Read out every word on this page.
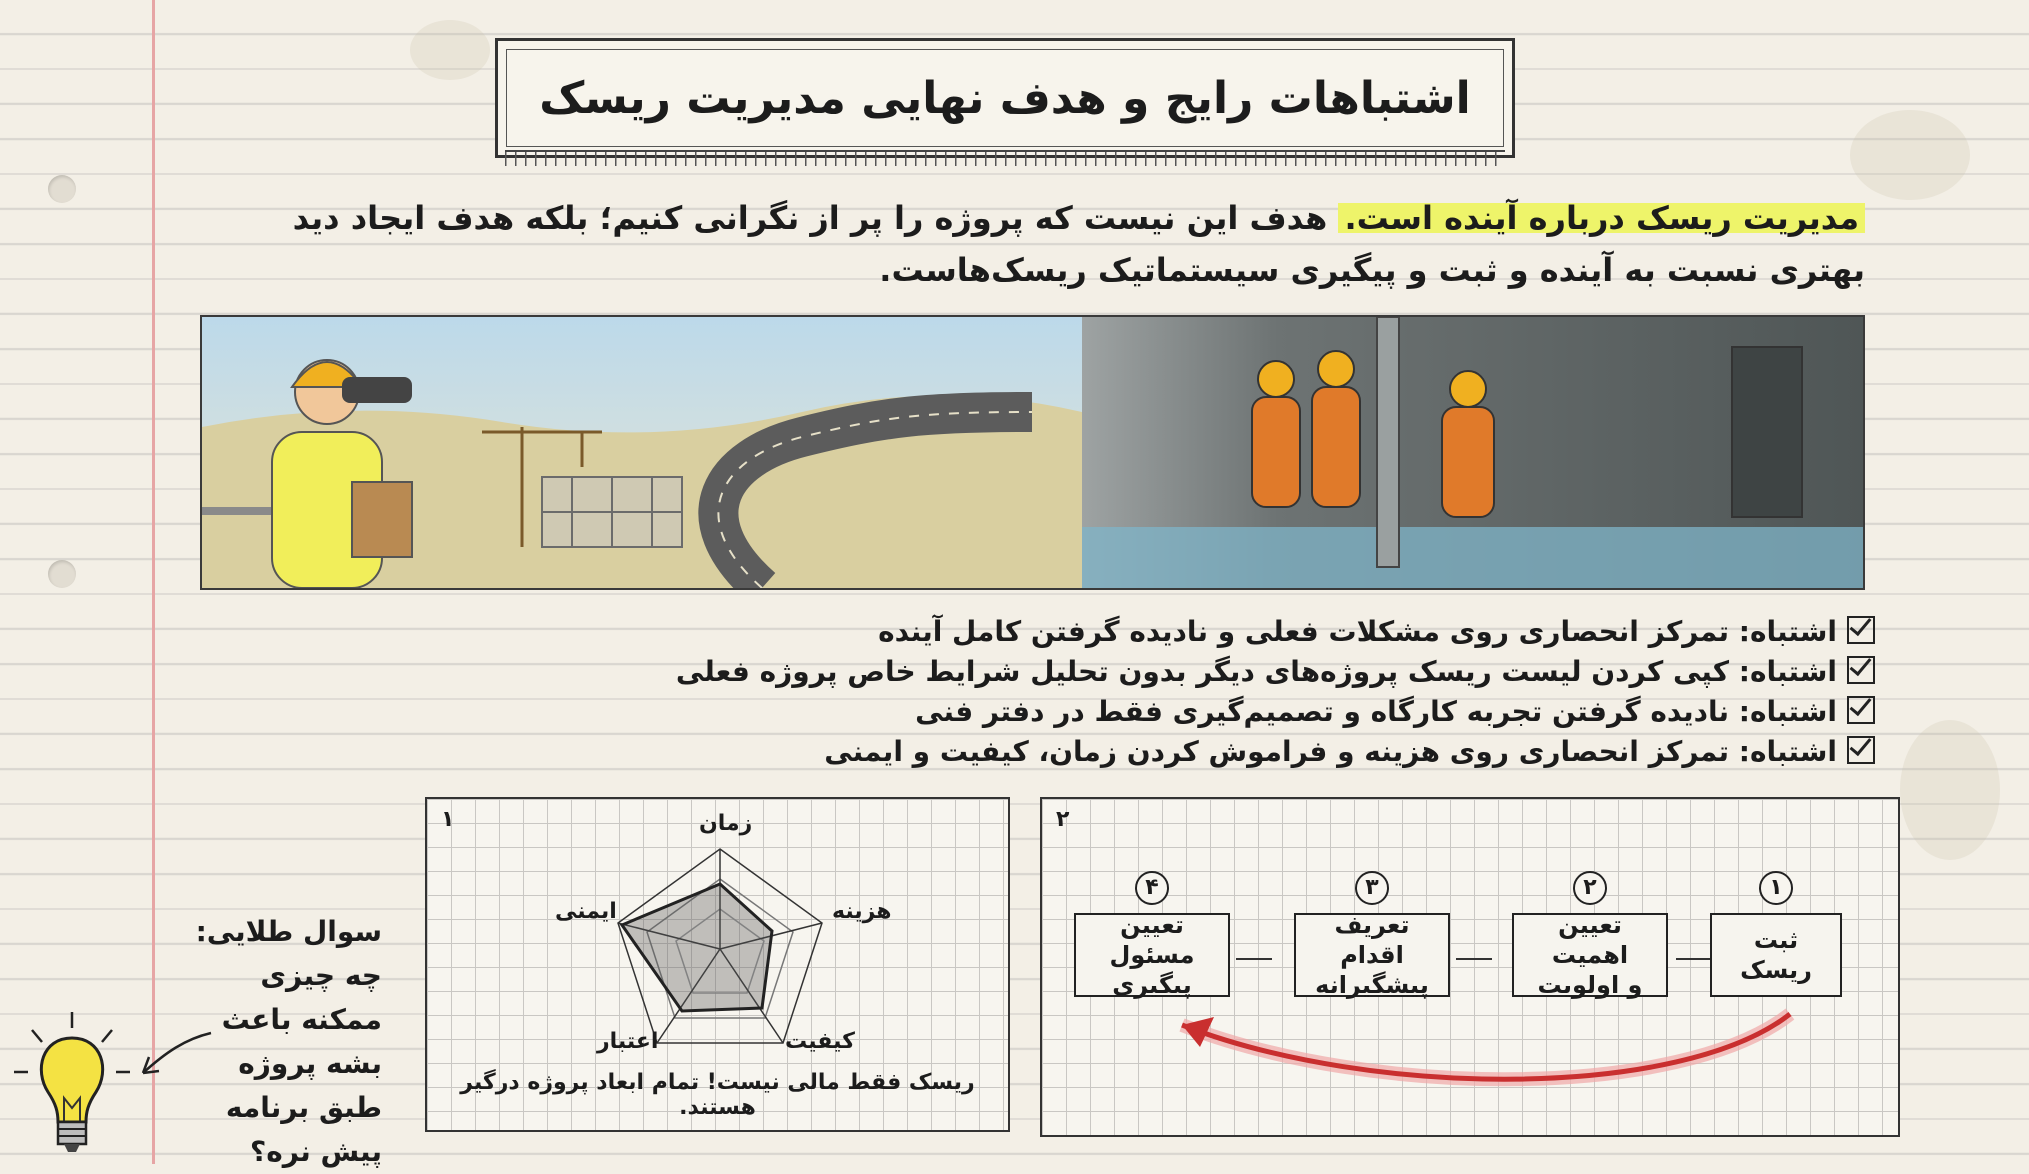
اشتباهات رایج و هدف نهایی مدیریت ریسک
مدیریت ریسک درباره آینده است. هدف این نیست که پروژه را پر از نگرانی کنیم؛ بلکه هدف ایجاد دید بهتری نسبت به آینده و ثبت و پیگیری سیستماتیک ریسک‌هاست.
اشتباه: تمرکز انحصاری روی مشکلات فعلی و نادیده گرفتن کامل آینده
اشتباه: کپی کردن لیست ریسک پروژه‌های دیگر بدون تحلیل شرایط خاص پروژه فعلی
اشتباه: نادیده گرفتن تجربه کارگاه و تصمیم‌گیری فقط در دفتر فنی
اشتباه: تمرکز انحصاری روی هزینه و فراموش کردن زمان، کیفیت و ایمنی
۱	زمان
هزینه
کیفیت
اعتبار
ایمنی
ریسک فقط مالی نیست! تمام ابعاد پروژه درگیر هستند.
۲
۱
ثبت ریسک
۲
تعیین اهمیت
و اولویت
۳
تعریف اقدام
پیشگیرانه
۴
تعیین مسئول
پیگیری
سوال طلایی:
چه چیزی ممکنه باعث بشه پروژه طبق برنامه پیش نره؟
